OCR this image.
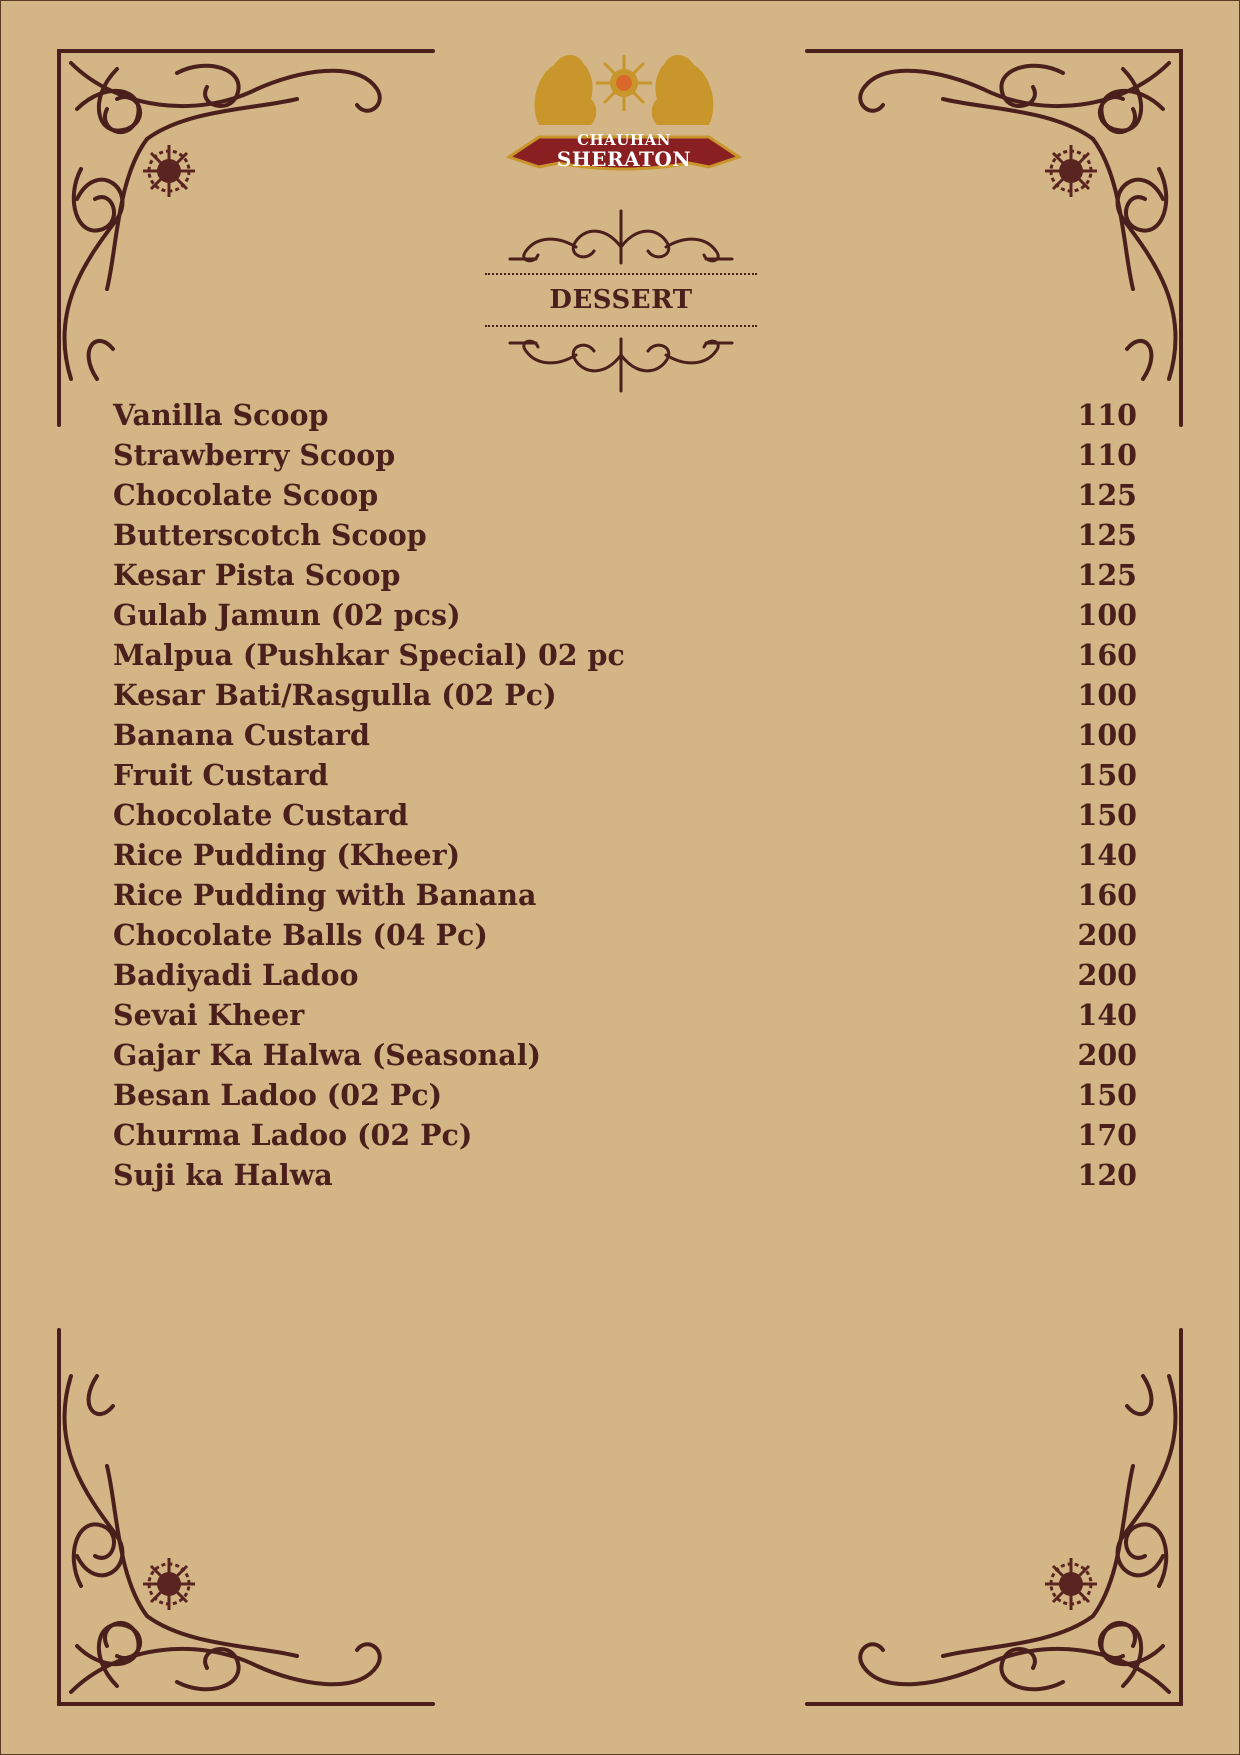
CHAUHAN
SHERATON
DESSERT
Vanilla Scoop	110
Strawberry Scoop	110
Chocolate Scoop	125
Butterscotch Scoop	125
Kesar Pista Scoop	125
Gulab Jamun (02 pcs)	100
Malpua (Pushkar Special) 02 pc	160
Kesar Bati/Rasgulla (02 Pc)	100
Banana Custard	100
Fruit Custard	150
Chocolate Custard	150
Rice Pudding (Kheer)	140
Rice Pudding with Banana	160
Chocolate Balls (04 Pc)	200
Badiyadi Ladoo	200
Sevai Kheer	140
Gajar Ka Halwa (Seasonal)	200
Besan Ladoo (02 Pc)	150
Churma Ladoo (02 Pc)	170
Suji ka Halwa	120
